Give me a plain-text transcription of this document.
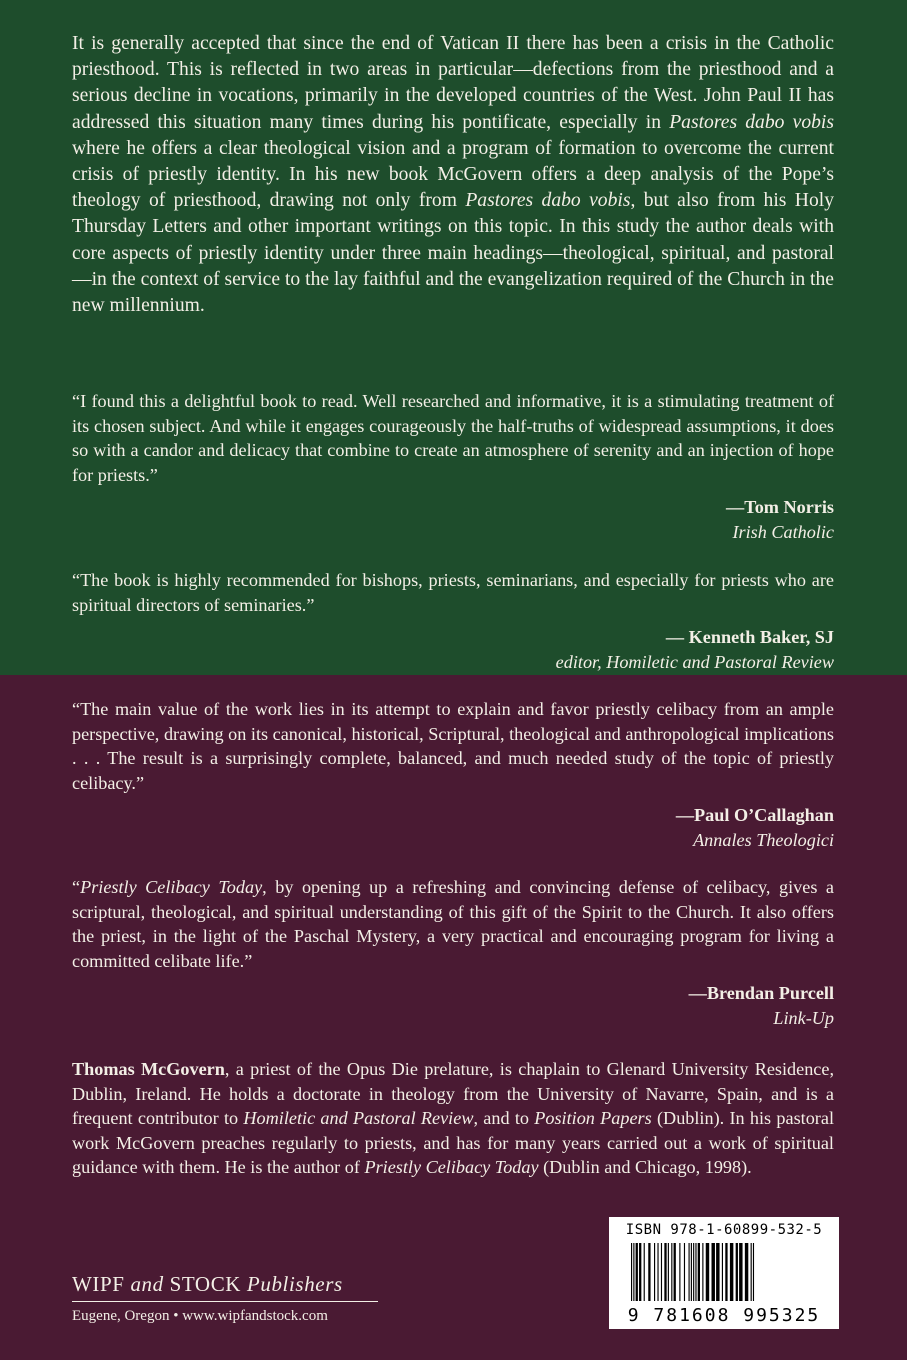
It is generally accepted that since the end of Vatican II there has been a crisis in the Catholic priesthood. This is reflected in two areas in particular—defections from the priesthood and a serious decline in vocations, primarily in the developed countries of the West. John Paul II has addressed this situation many times during his pontificate, especially in Pastores dabo vobis where he offers a clear theological vision and a program of formation to overcome the current crisis of priestly identity. In his new book McGovern offers a deep analysis of the Pope’s theology of priesthood, drawing not only from Pastores dabo vobis, but also from his Holy Thursday Letters and other important writings on this topic. In this study the author deals with core aspects of priestly identity under three main headings—theological, spiritual, and pastoral—in the context of service to the lay faithful and the evangelization required of the Church in the new millennium.
“I found this a delightful book to read. Well researched and informative, it is a stimulating treatment of its chosen subject. And while it engages courageously the half-truths of widespread assumptions, it does so with a candor and delicacy that combine to create an atmosphere of serenity and an injection of hope for priests.”
—Tom Norris
Irish Catholic
“The book is highly recommended for bishops, priests, seminarians, and especially for priests who are spiritual directors of seminaries.”
— Kenneth Baker, SJ
editor, Homiletic and Pastoral Review
“The main value of the work lies in its attempt to explain and favor priestly celibacy from an ample perspective, drawing on its canonical, historical, Scriptural, theological and anthropological implications . . . The result is a surprisingly complete, balanced, and much needed study of the topic of priestly celibacy.”
—Paul O’Callaghan
Annales Theologici
“Priestly Celibacy Today, by opening up a refreshing and convincing defense of celibacy, gives a scriptural, theological, and spiritual understanding of this gift of the Spirit to the Church. It also offers the priest, in the light of the Paschal Mystery, a very practical and encouraging program for living a committed celibate life.”
—Brendan Purcell
Link-Up
Thomas McGovern, a priest of the Opus Die prelature, is chaplain to Glenard University Residence, Dublin, Ireland. He holds a doctorate in theology from the University of Navarre, Spain, and is a frequent contributor to Homiletic and Pastoral Review, and to Position Papers (Dublin). In his pastoral work McGovern preaches regularly to priests, and has for many years carried out a work of spiritual guidance with them. He is the author of Priestly Celibacy Today (Dublin and Chicago, 1998).
WIPF and STOCK Publishers
Eugene, Oregon • www.wipfandstock.com
ISBN 978-1-60899-532-5
9 781608 995325
